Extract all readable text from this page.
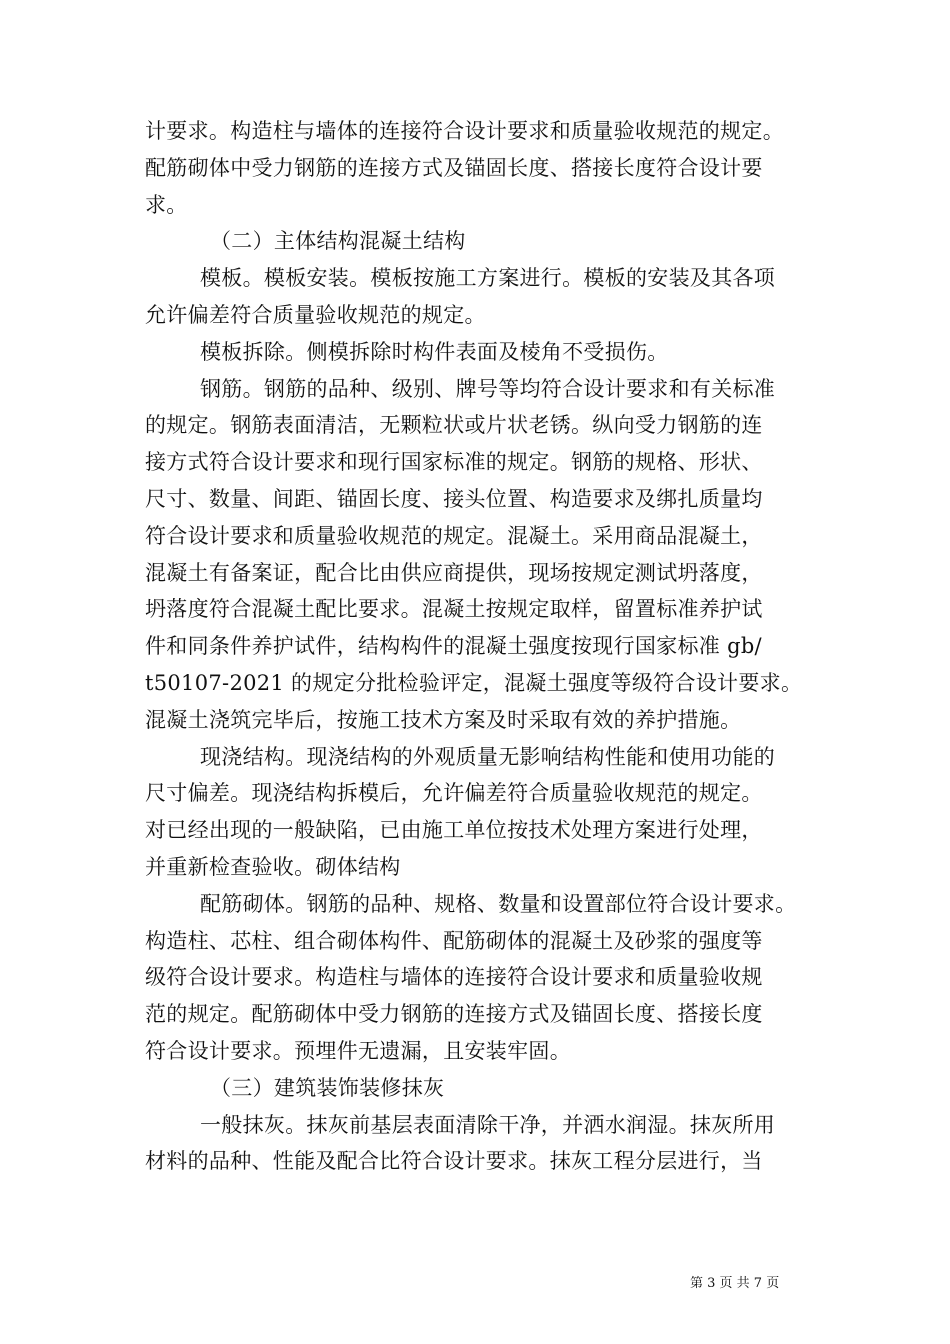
计要求。构造柱与墙体的连接符合设计要求和质量验收规范的规定。
配筋砌体中受力钢筋的连接方式及锚固长度、搭接长度符合设计要
求。
（二）主体结构混凝土结构
模板。模板安装。模板按施工方案进行。模板的安装及其各项
允许偏差符合质量验收规范的规定。
模板拆除。侧模拆除时构件表面及棱角不受损伤。
钢筋。钢筋的品种、级别、牌号等均符合设计要求和有关标准
的规定。钢筋表面清洁，无颗粒状或片状老锈。纵向受力钢筋的连
接方式符合设计要求和现行国家标准的规定。钢筋的规格、形状、
尺寸、数量、间距、锚固长度、接头位置、构造要求及绑扎质量均
符合设计要求和质量验收规范的规定。混凝土。采用商品混凝土，
混凝土有备案证，配合比由供应商提供，现场按规定测试坍落度，
坍落度符合混凝土配比要求。混凝土按规定取样，留置标准养护试
件和同条件养护试件，结构构件的混凝土强度按现行国家标准 gb/
t50107-2021 的规定分批检验评定，混凝土强度等级符合设计要求。
混凝土浇筑完毕后，按施工技术方案及时采取有效的养护措施。
现浇结构。现浇结构的外观质量无影响结构性能和使用功能的
尺寸偏差。现浇结构拆模后，允许偏差符合质量验收规范的规定。
对已经出现的一般缺陷，已由施工单位按技术处理方案进行处理，
并重新检查验收。砌体结构
配筋砌体。钢筋的品种、规格、数量和设置部位符合设计要求。
构造柱、芯柱、组合砌体构件、配筋砌体的混凝土及砂浆的强度等
级符合设计要求。构造柱与墙体的连接符合设计要求和质量验收规
范的规定。配筋砌体中受力钢筋的连接方式及锚固长度、搭接长度
符合设计要求。预埋件无遗漏，且安装牢固。
（三）建筑装饰装修抹灰
一般抹灰。抹灰前基层表面清除干净，并洒水润湿。抹灰所用
材料的品种、性能及配合比符合设计要求。抹灰工程分层进行，当
第 3 页 共 7 页
